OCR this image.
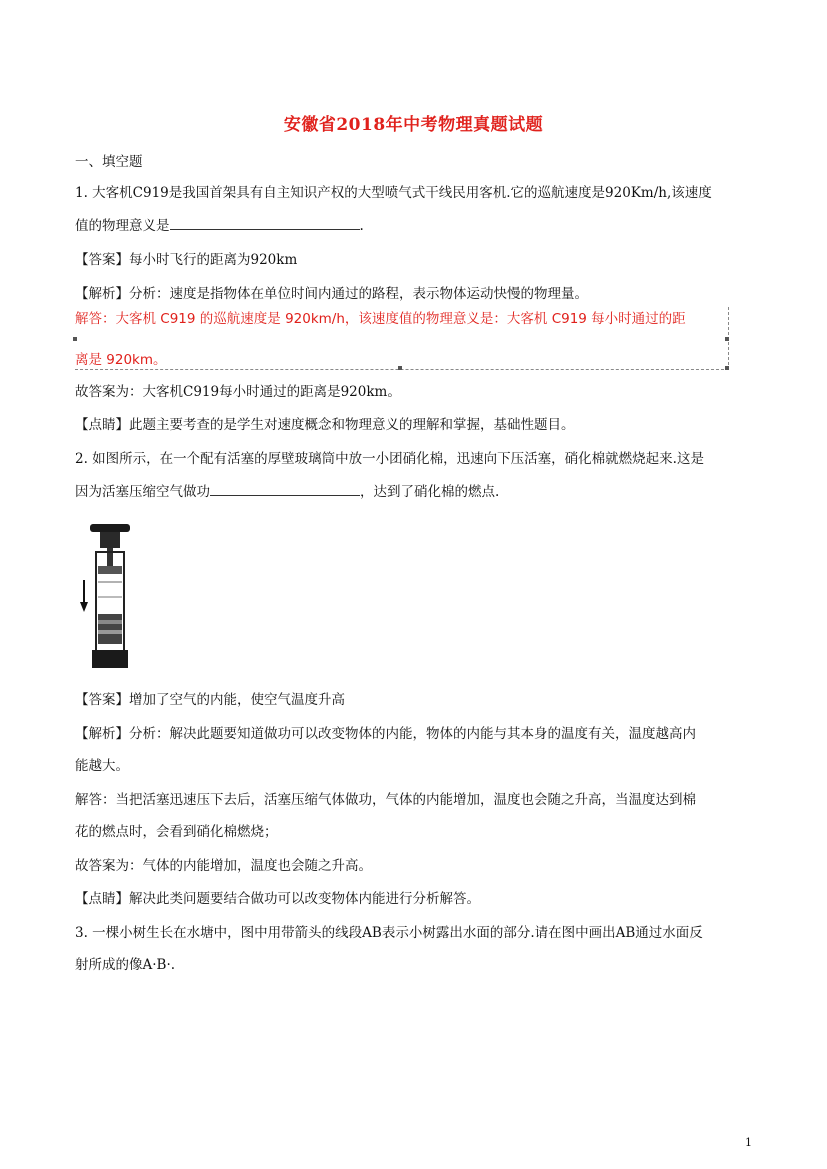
安徽省2018年中考物理真题试题
一、填空题
1. 大客机C919是我国首架具有自主知识产权的大型喷气式干线民用客机.它的巡航速度是920Km/h,该速度
值的物理意义是	.
【答案】每小时飞行的距离为920km
【解析】分析：速度是指物体在单位时间内通过的路程，表示物体运动快慢的物理量。
解答：大客机 C919 的巡航速度是 920km/h，该速度值的物理意义是：大客机 C919 每小时通过的距
离是 920km。
故答案为：大客机C919每小时通过的距离是920km。
【点睛】此题主要考查的是学生对速度概念和物理意义的理解和掌握，基础性题目。
2. 如图所示，在一个配有活塞的厚壁玻璃筒中放一小团硝化棉，迅速向下压活塞，硝化棉就燃烧起来.这是
因为活塞压缩空气做功	，达到了硝化棉的燃点.
【答案】增加了空气的内能，使空气温度升高
【解析】分析：解决此题要知道做功可以改变物体的内能，物体的内能与其本身的温度有关，温度越高内
能越大。
解答：当把活塞迅速压下去后，活塞压缩气体做功，气体的内能增加，温度也会随之升高，当温度达到棉
花的燃点时，会看到硝化棉燃烧；
故答案为：气体的内能增加，温度也会随之升高。
【点睛】解决此类问题要结合做功可以改变物体内能进行分析解答。
3. 一棵小树生长在水塘中，图中用带箭头的线段AB表示小树露出水面的部分.请在图中画出AB通过水面反
射所成的像A·B·.
1
